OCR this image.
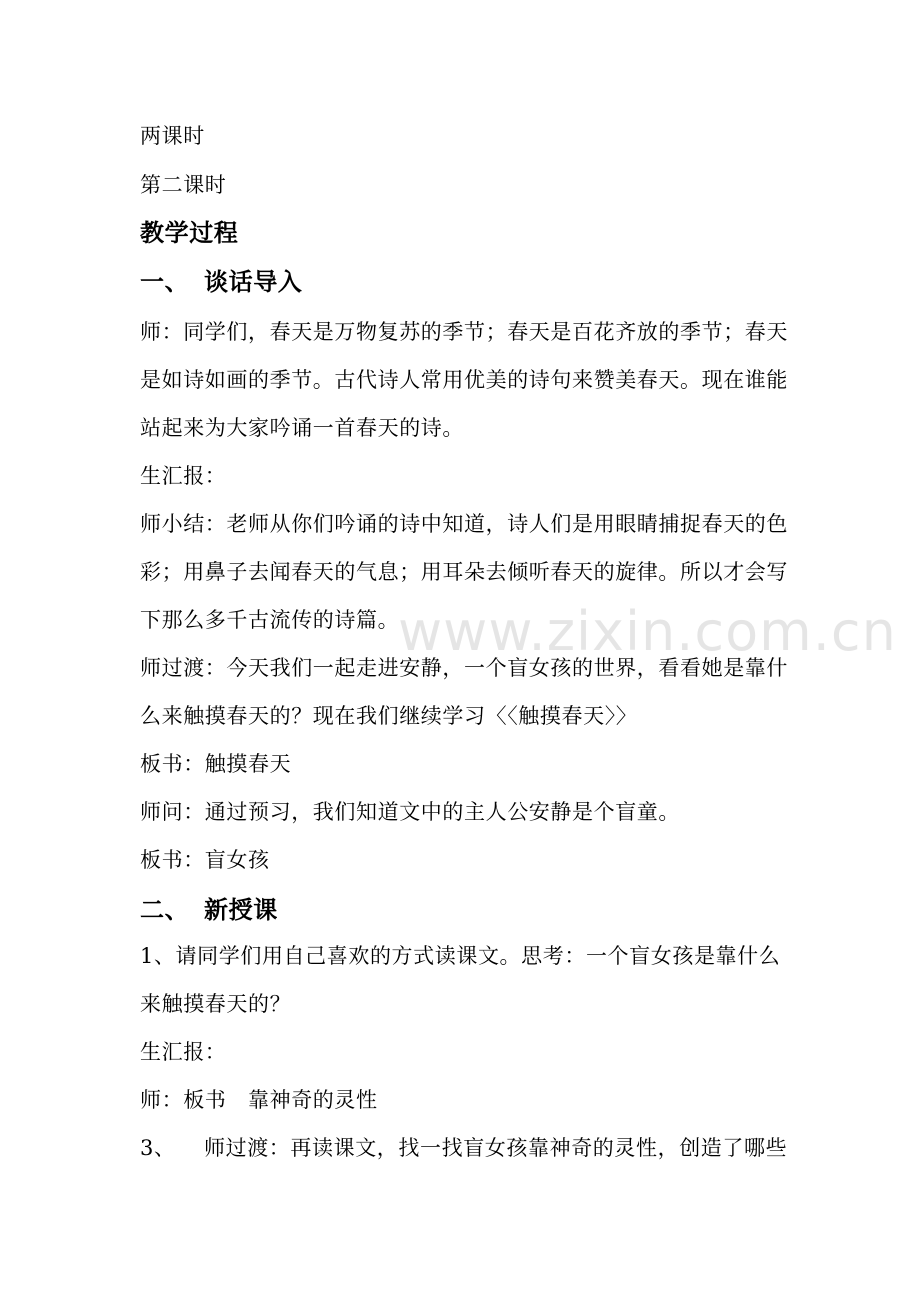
两课时
第二课时
教学过程
一、 谈话导入
师：同学们，春天是万物复苏的季节；春天是百花齐放的季节；春天
是如诗如画的季节。古代诗人常用优美的诗句来赞美春天。现在谁能
站起来为大家吟诵一首春天的诗。
生汇报：
师小结：老师从你们吟诵的诗中知道，诗人们是用眼睛捕捉春天的色
彩；用鼻子去闻春天的气息；用耳朵去倾听春天的旋律。所以才会写
下那么多千古流传的诗篇。
师过渡：今天我们一起走进安静，一个盲女孩的世界，看看她是靠什
么来触摸春天的？现在我们继续学习〈〈触摸春天〉〉
板书：触摸春天
师问：通过预习，我们知道文中的主人公安静是个盲童。
板书：盲女孩
二、 新授课
1、请同学们用自己喜欢的方式读课文。思考：一个盲女孩是靠什么
来触摸春天的？
生汇报：
师：板书　靠神奇的灵性
3、 师过渡：再读课文，找一找盲女孩靠神奇的灵性，创造了哪些
www.zixin.com.cn
